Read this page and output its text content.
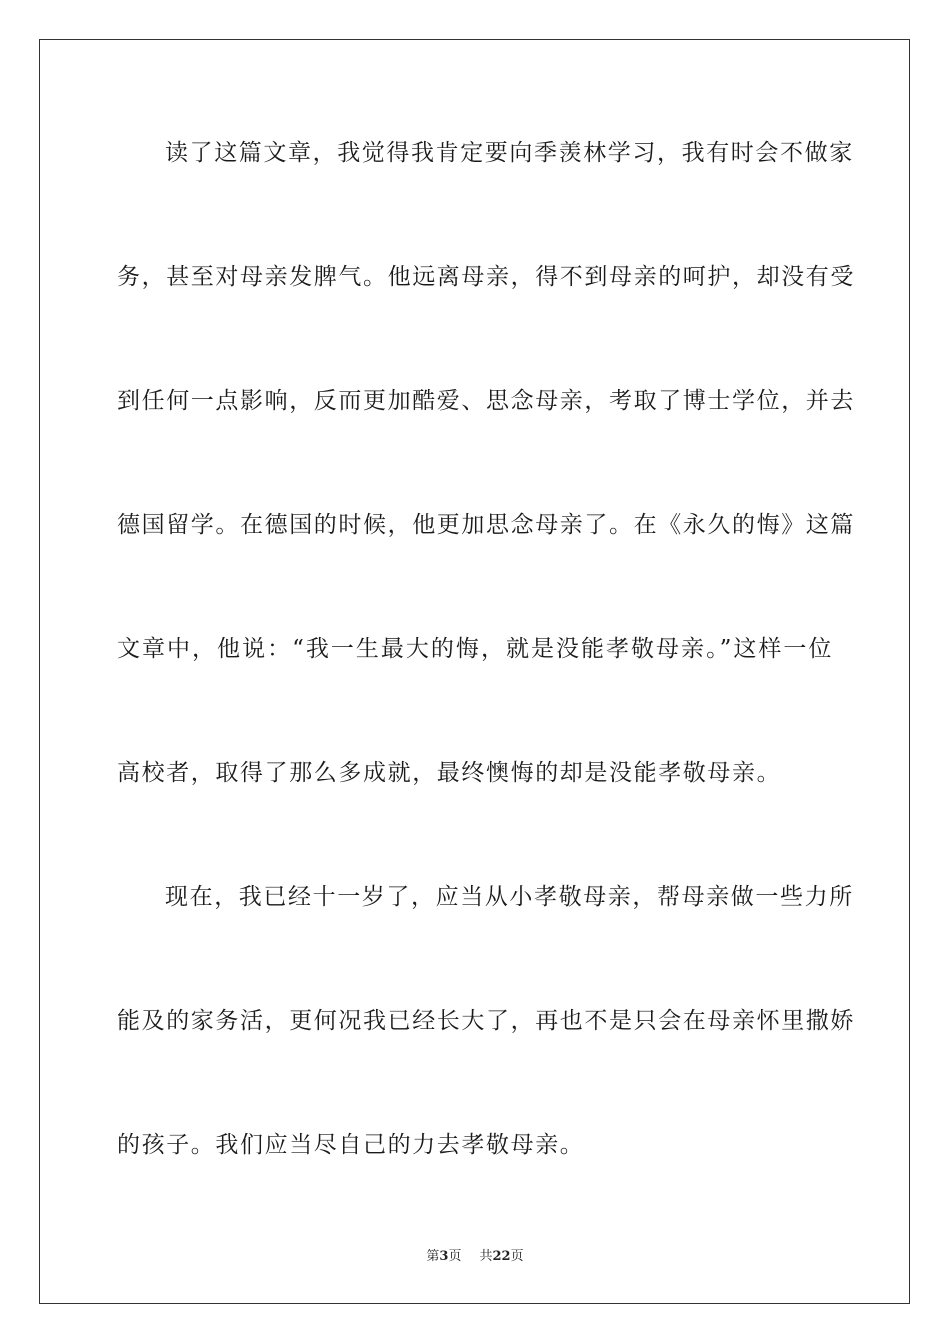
读了这篇文章，我觉得我肯定要向季羡林学习，我有时会不做家
务，甚至对母亲发脾气。他远离母亲，得不到母亲的呵护，却没有受
到任何一点影响，反而更加酷爱、思念母亲，考取了博士学位，并去
德国留学。在德国的时候，他更加思念母亲了。在《永久的悔》这篇
文章中，他说：“我一生最大的悔，就是没能孝敬母亲。”这样一位
高校者，取得了那么多成就，最终懊悔的却是没能孝敬母亲。
现在，我已经十一岁了，应当从小孝敬母亲，帮母亲做一些力所
能及的家务活，更何况我已经长大了，再也不是只会在母亲怀里撒娇
的孩子。我们应当尽自己的力去孝敬母亲。
第3页 共22页
